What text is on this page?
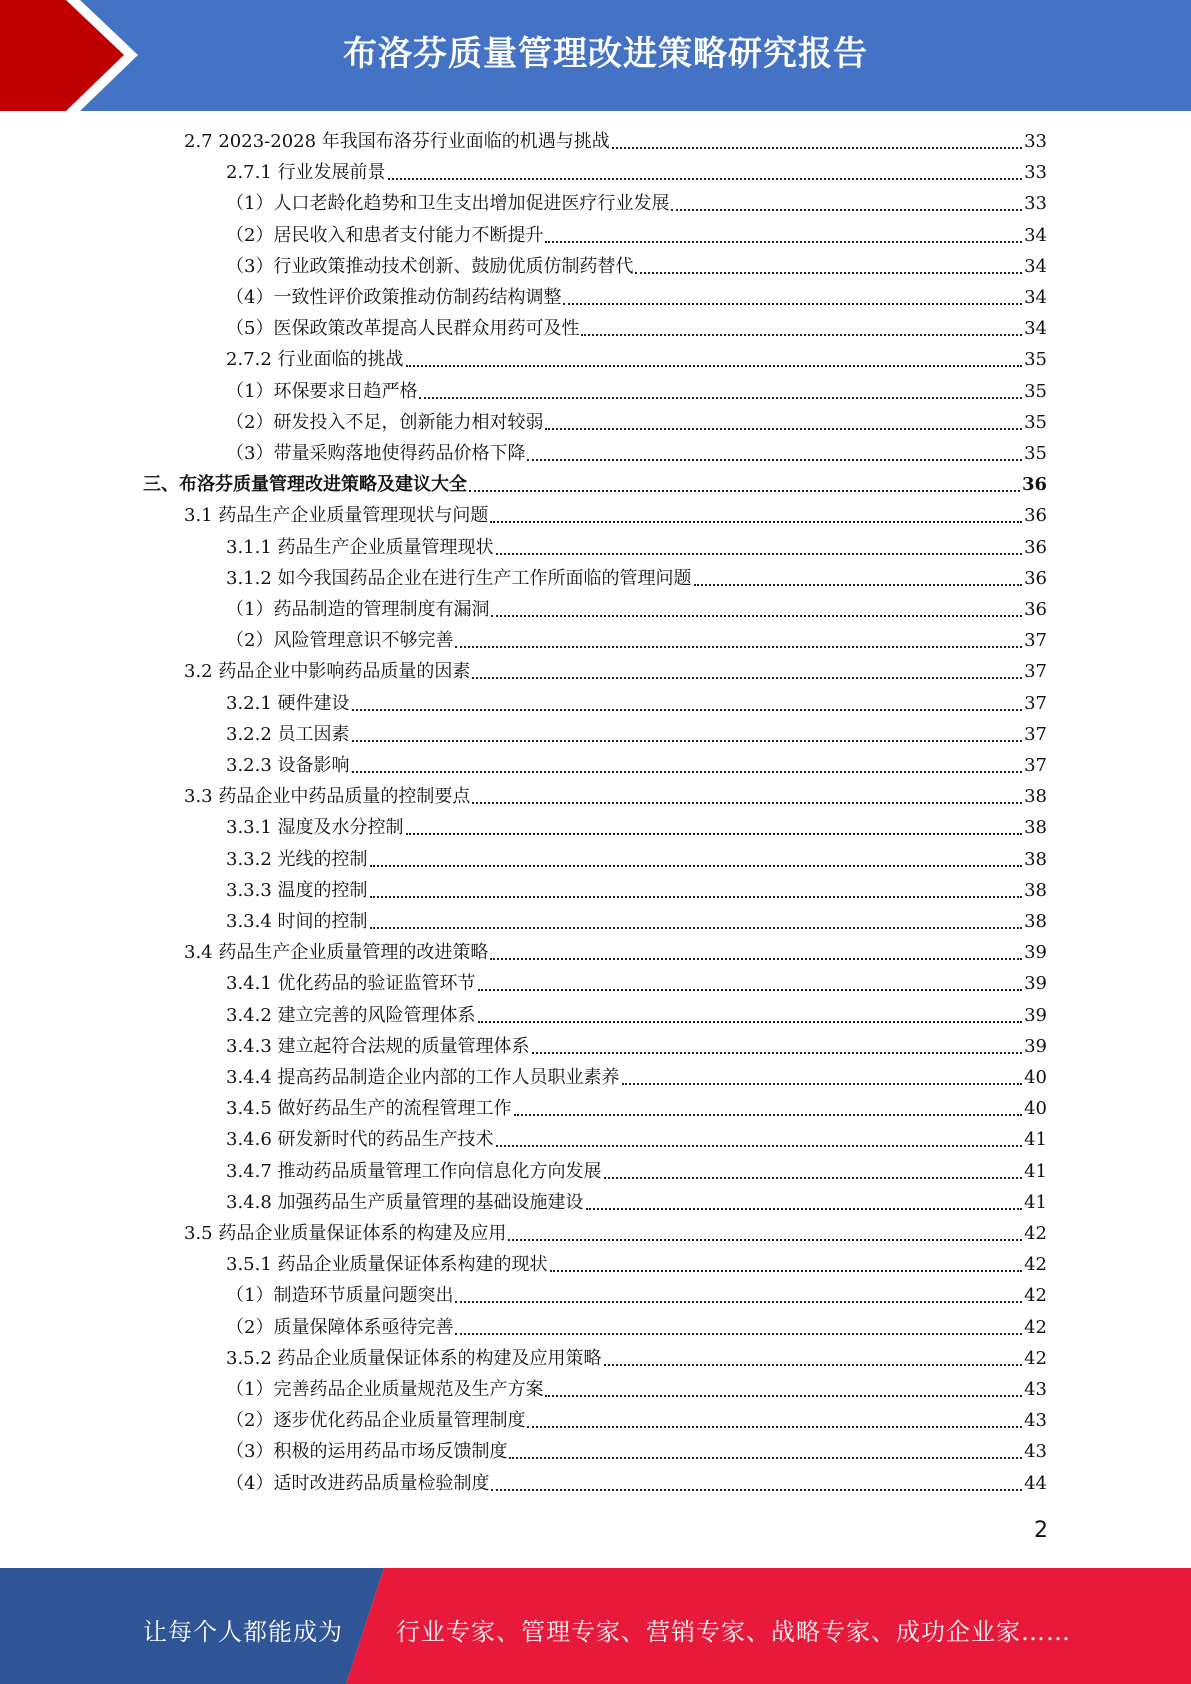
布洛芬质量管理改进策略研究报告
2.7 2023-2028 年我国布洛芬行业面临的机遇与挑战	33
2.7.1 行业发展前景	33
（1）人口老龄化趋势和卫生支出增加促进医疗行业发展	33
（2）居民收入和患者支付能力不断提升	34
（3）行业政策推动技术创新、鼓励优质仿制药替代	34
（4）一致性评价政策推动仿制药结构调整	34
（5）医保政策改革提高人民群众用药可及性	34
2.7.2 行业面临的挑战	35
（1）环保要求日趋严格	35
（2）研发投入不足，创新能力相对较弱	35
（3）带量采购落地使得药品价格下降	35
三、布洛芬质量管理改进策略及建议大全	36
3.1 药品生产企业质量管理现状与问题	36
3.1.1 药品生产企业质量管理现状	36
3.1.2 如今我国药品企业在进行生产工作所面临的管理问题	36
（1）药品制造的管理制度有漏洞	36
（2）风险管理意识不够完善	37
3.2 药品企业中影响药品质量的因素	37
3.2.1 硬件建设	37
3.2.2 员工因素	37
3.2.3 设备影响	37
3.3 药品企业中药品质量的控制要点	38
3.3.1 湿度及水分控制	38
3.3.2 光线的控制	38
3.3.3 温度的控制	38
3.3.4 时间的控制	38
3.4 药品生产企业质量管理的改进策略	39
3.4.1 优化药品的验证监管环节	39
3.4.2 建立完善的风险管理体系	39
3.4.3 建立起符合法规的质量管理体系	39
3.4.4 提高药品制造企业内部的工作人员职业素养	40
3.4.5 做好药品生产的流程管理工作	40
3.4.6 研发新时代的药品生产技术	41
3.4.7 推动药品质量管理工作向信息化方向发展	41
3.4.8 加强药品生产质量管理的基础设施建设	41
3.5 药品企业质量保证体系的构建及应用	42
3.5.1 药品企业质量保证体系构建的现状	42
（1）制造环节质量问题突出	42
（2）质量保障体系亟待完善	42
3.5.2 药品企业质量保证体系的构建及应用策略	42
（1）完善药品企业质量规范及生产方案	43
（2）逐步优化药品企业质量管理制度	43
（3）积极的运用药品市场反馈制度	43
（4）适时改进药品质量检验制度	44
2
让每个人都能成为 行业专家、管理专家、营销专家、战略专家、成功企业家……
